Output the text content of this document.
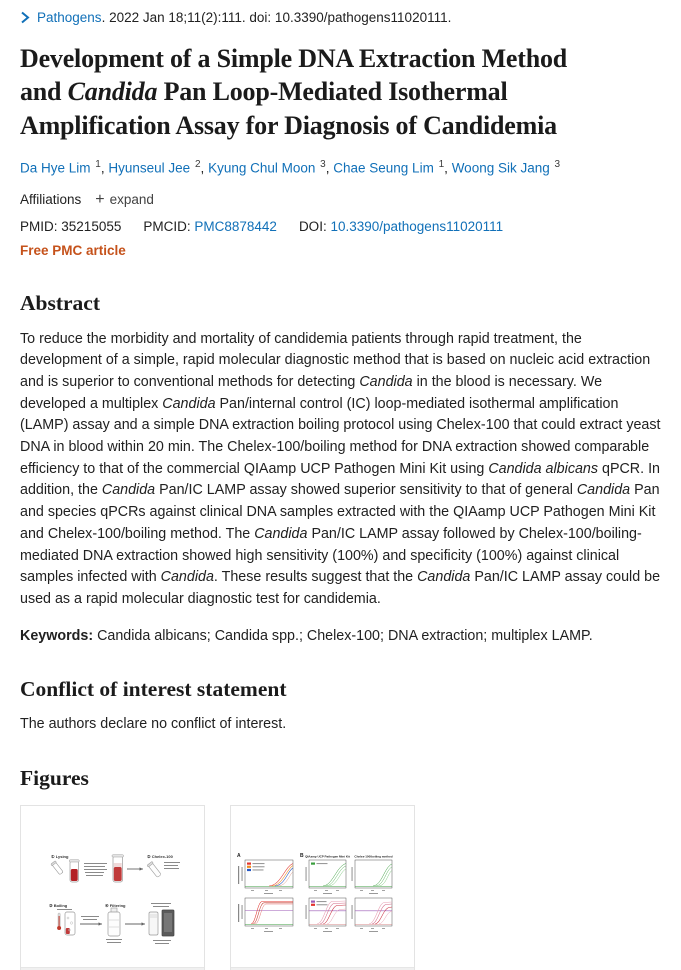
Pathogens. 2022 Jan 18;11(2):111. doi: 10.3390/pathogens11020111.
Development of a Simple DNA Extraction Method
and Candida Pan Loop-Mediated Isothermal
Amplification Assay for Diagnosis of Candidemia
Da Hye Lim $^1$, Hyunseul Jee $^2$, Kyung Chul Moon $^3$, Chae Seung Lim $^1$, Woong Sik Jang $^3$
Affiliations + expand
PMID: 35215055 PMCID: PMC8878442 DOI: 10.3390/pathogens11020111
Free PMC article
Abstract

To reduce the morbidity and mortality of candidemia patients through rapid treatment, the development of a simple, rapid molecular diagnostic method that is based on nucleic acid extraction and is superior to conventional methods for detecting Candida in the blood is necessary. We developed a multiplex Candida Pan/internal control (IC) loop-mediated isothermal amplification (LAMP) assay and a simple DNA extraction boiling protocol using Chelex-100 that could extract yeast DNA in blood within 20 min. The Chelex-100/boiling method for DNA extraction showed comparable efficiency to that of the commercial QIAamp UCP Pathogen Mini Kit using Candida albicans qPCR. In addition, the Candida Pan/IC LAMP assay showed superior sensitivity to that of general Candida Pan and species qPCRs against clinical DNA samples extracted with the QIAamp UCP Pathogen Mini Kit and Chelex-100/boiling method. The Candida Pan/IC LAMP assay followed by Chelex-100/boiling-mediated DNA extraction showed high sensitivity (100%) and specificity (100%) against clinical samples infected with Candida. These results suggest that the Candida Pan/IC LAMP assay could be used as a rapid molecular diagnostic test for candidemia.

Keywords: Candida albicans; Candida spp.; Chelex-100; DNA extraction; multiplex LAMP.

Conflict of interest statement

The authors declare no conflict of interest.

Figures
① Lysing	② Chelex-100
③ Boiling	④ Filtering
A	B QIAamp UCP Pathogen Mini Kit Chelex-100/boiling method
